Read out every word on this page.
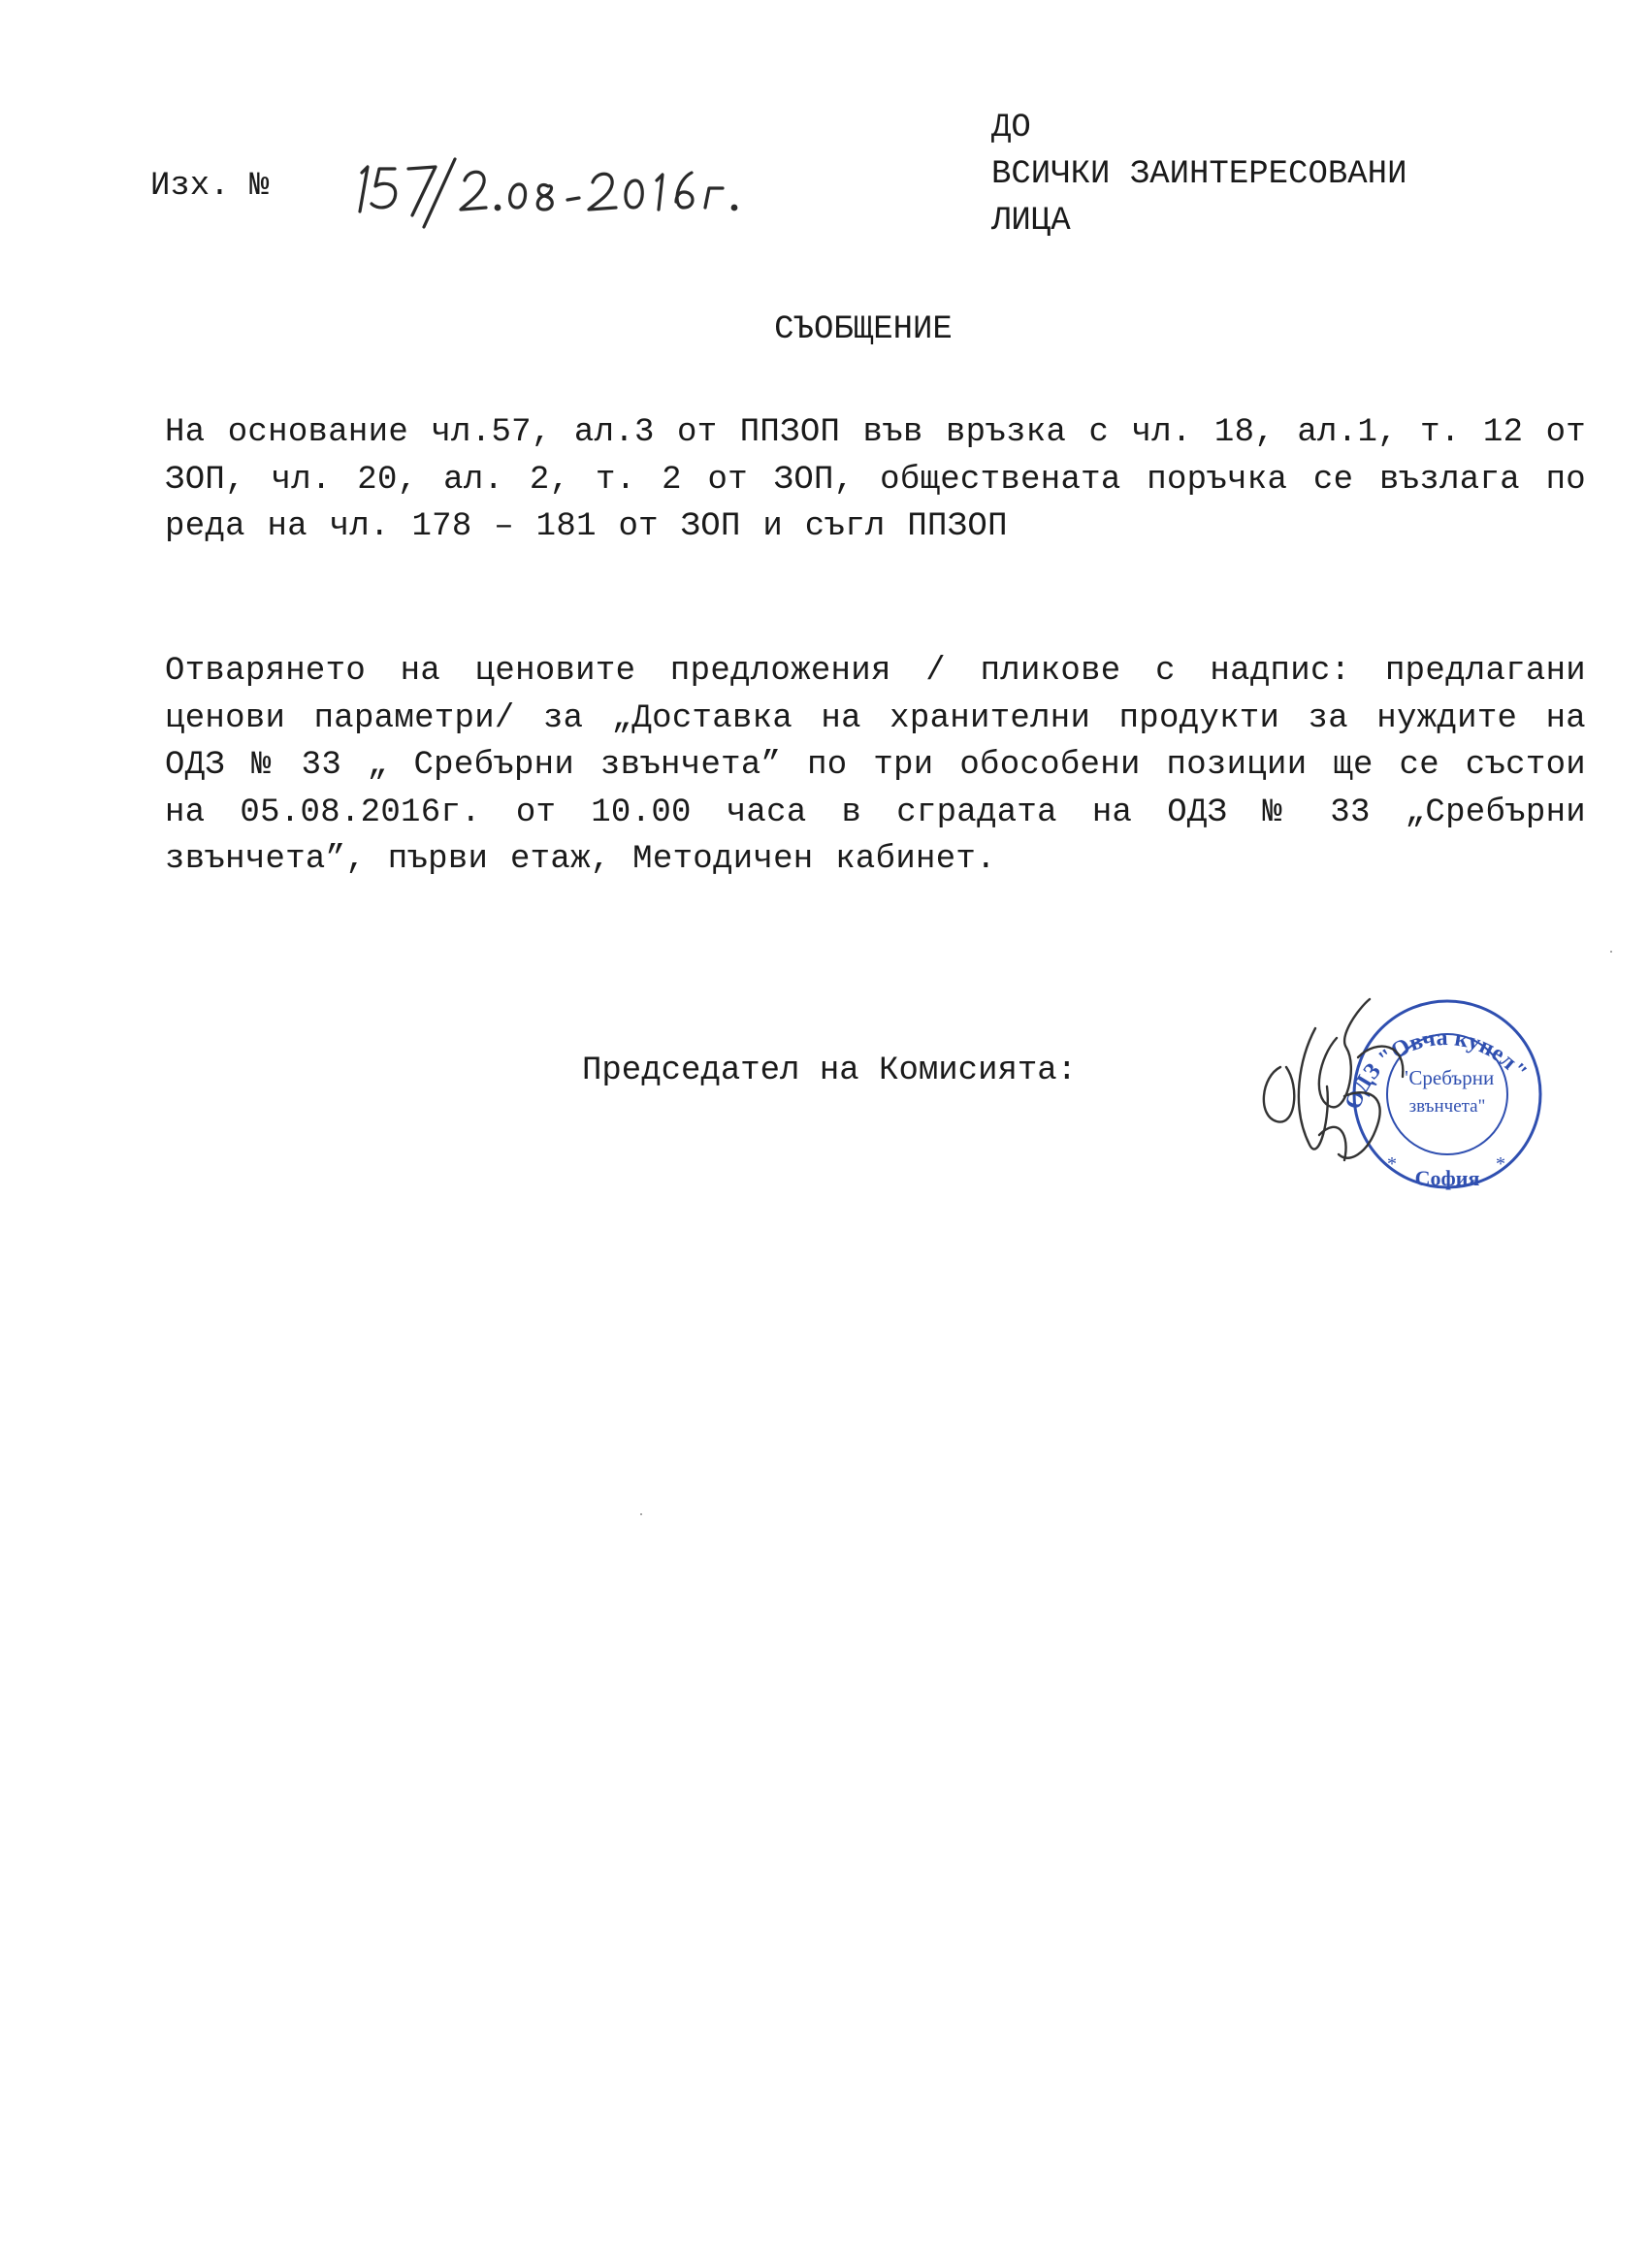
ДО
ВСИЧКИ ЗАИНТЕРЕСОВАНИ
ЛИЦА
Изх. №
СЪОБЩЕНИЕ
На основание чл.57, ал.3 от ППЗОП във връзка с чл. 18, ал.1, т. 12 от ЗОП, чл. 20, ал. 2, т. 2 от ЗОП, обществената поръчка се възлага по реда на чл. 178 – 181 от ЗОП и съгл ППЗОП
Отварянето на ценовите предложения / пликове с надпис: предлагани ценови параметри/ за „Доставка на хранителни продукти за нуждите на ОДЗ № 33 „ Сребърни звънчета” по три обособени позиции ще се състои на 05.08.2016г. от 10.00 часа в сградата на ОДЗ № 33 „Сребърни звънчета”, първи етаж, Методичен кабинет.
Председател на Комисията:
ОДЗ "Овча купел"
"Сребърни
звънчета"
София
*	*
